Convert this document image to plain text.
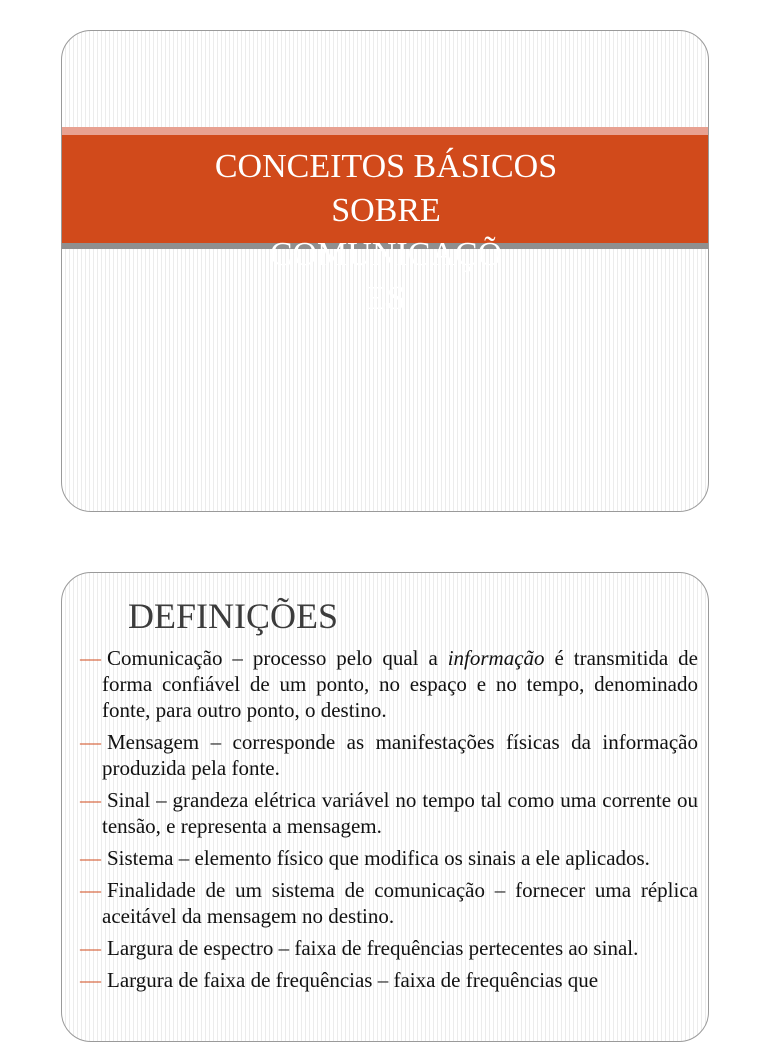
CONCEITOS BÁSICOS
SOBRE
COMUNICAÇÕ
ES
DEFINIÇÕES
— Comunicação – processo pelo qual a informação é transmitida de forma confiável de um ponto, no espaço e no tempo, denominado fonte, para outro ponto, o destino.
— Mensagem – corresponde as manifestações físicas da informação produzida pela fonte.
— Sinal – grandeza elétrica variável no tempo tal como uma corrente ou tensão, e representa a mensagem.
— Sistema – elemento físico que modifica os sinais a ele aplicados.
— Finalidade de um sistema de comunicação – fornecer uma réplica aceitável da mensagem no destino.
— Largura de espectro – faixa de frequências pertecentes ao sinal.
— Largura de faixa de frequências – faixa de frequências que
